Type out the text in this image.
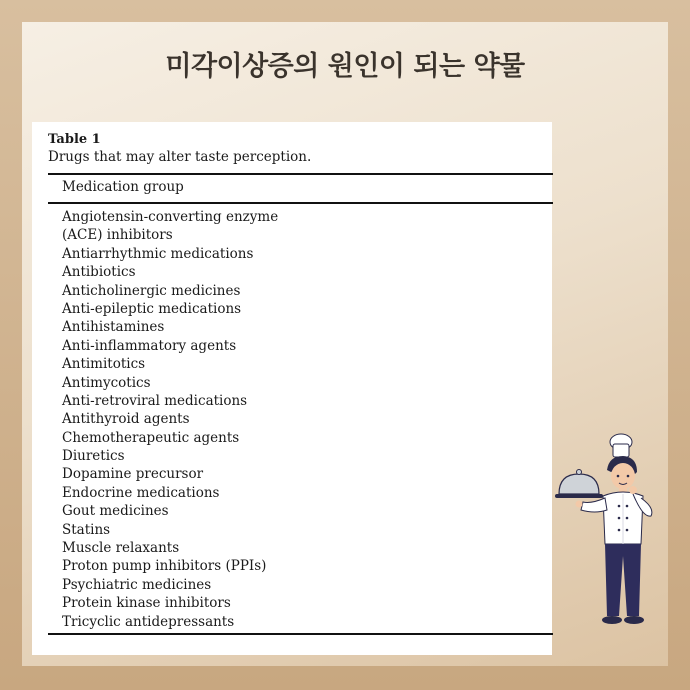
미각이상증의 원인이 되는 약물
Table 1
Drugs that may alter taste perception.
Medication group
Angiotensin-converting enzyme
(ACE) inhibitors
Antiarrhythmic medications
Antibiotics
Anticholinergic medicines
Anti-epileptic medications
Antihistamines
Anti-inflammatory agents
Antimitotics
Antimycotics
Anti-retroviral medications
Antithyroid agents
Chemotherapeutic agents
Diuretics
Dopamine precursor
Endocrine medications
Gout medicines
Statins
Muscle relaxants
Proton pump inhibitors (PPIs)
Psychiatric medicines
Protein kinase inhibitors
Tricyclic antidepressants
